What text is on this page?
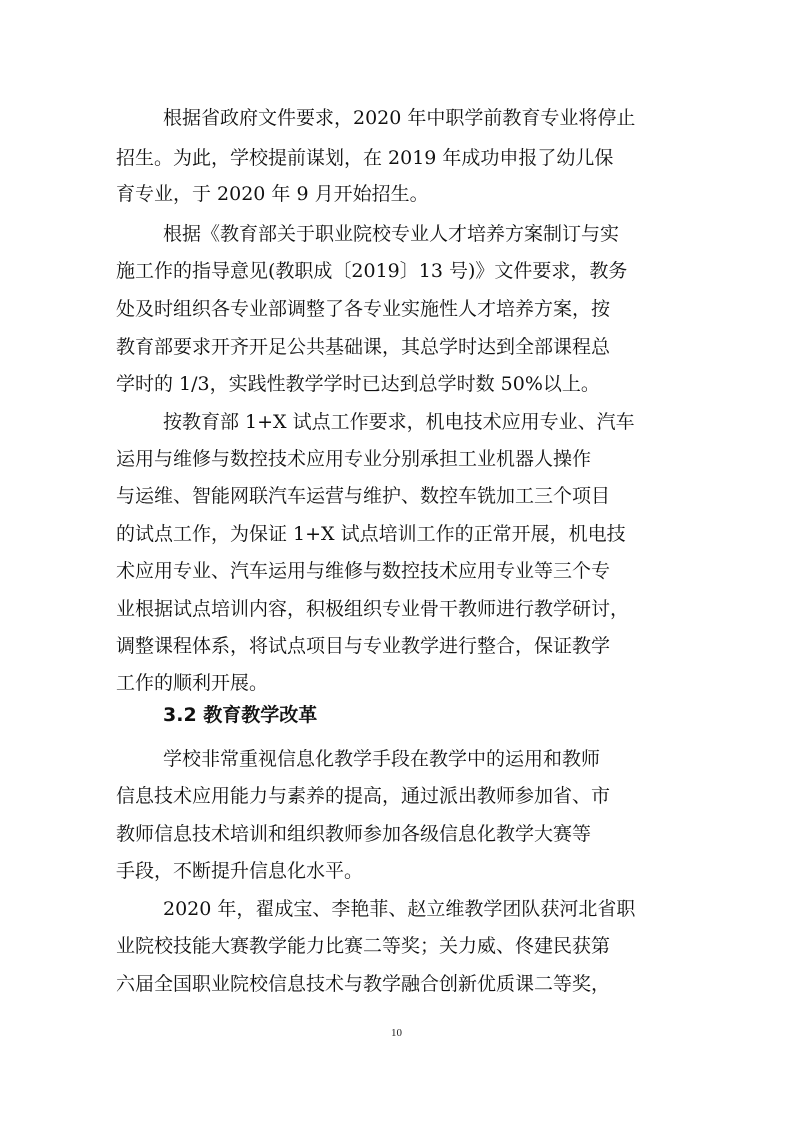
根据省政府文件要求，2020 年中职学前教育专业将停止

招生。为此，学校提前谋划，在 2019 年成功申报了幼儿保

育专业，于 2020 年 9 月开始招生。

根据《教育部关于职业院校专业人才培养方案制订与实

施工作的指导意见(教职成〔2019〕13 号)》文件要求，教务

处及时组织各专业部调整了各专业实施性人才培养方案，按

教育部要求开齐开足公共基础课，其总学时达到全部课程总

学时的 1/3，实践性教学学时已达到总学时数 50%以上。

按教育部 1+X 试点工作要求，机电技术应用专业、汽车

运用与维修与数控技术应用专业分别承担工业机器人操作

与运维、智能网联汽车运营与维护、数控车铣加工三个项目

的试点工作，为保证 1+X 试点培训工作的正常开展，机电技

术应用专业、汽车运用与维修与数控技术应用专业等三个专

业根据试点培训内容，积极组织专业骨干教师进行教学研讨，

调整课程体系，将试点项目与专业教学进行整合，保证教学

工作的顺利开展。

3.2 教育教学改革

学校非常重视信息化教学手段在教学中的运用和教师

信息技术应用能力与素养的提高，通过派出教师参加省、市

教师信息技术培训和组织教师参加各级信息化教学大赛等

手段，不断提升信息化水平。

2020 年，翟成宝、李艳菲、赵立维教学团队获河北省职

业院校技能大赛教学能力比赛二等奖；关力威、佟建民获第

六届全国职业院校信息技术与教学融合创新优质课二等奖，

10
